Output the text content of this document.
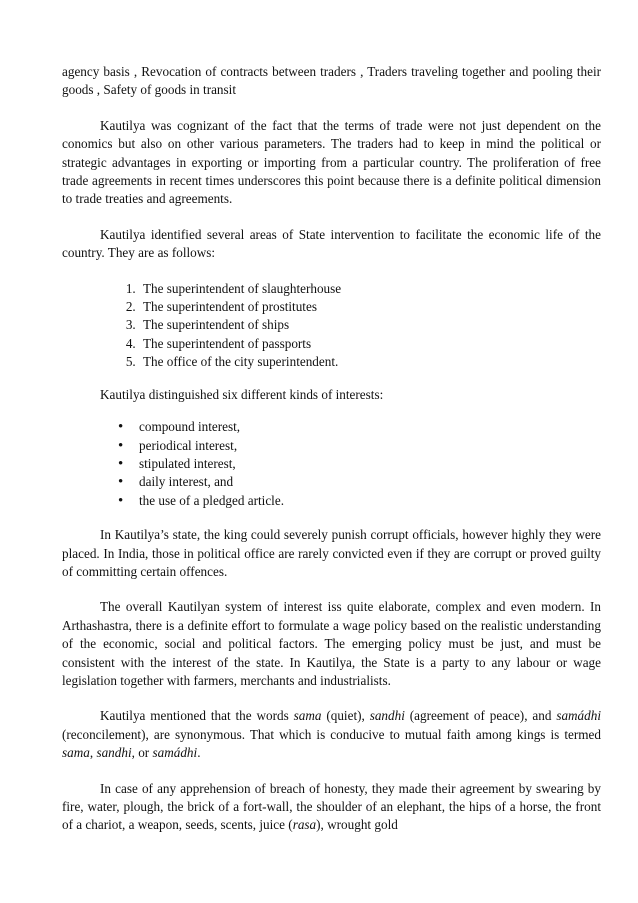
agency basis , Revocation of contracts between traders , Traders traveling together and pooling their goods , Safety of goods in transit

Kautilya was cognizant of the fact that the terms of trade were not just dependent on the conomics but also on other various parameters. The traders had to keep in mind the political or strategic advantages in exporting or importing from a particular country. The proliferation of free trade agreements in recent times underscores this point because there is a definite political dimension to trade treaties and agreements.

Kautilya identified several areas of State intervention to facilitate the economic life of the country. They are as follows:

1. The superintendent of slaughterhouse
2. The superintendent of prostitutes
3. The superintendent of ships
4. The superintendent of passports
5. The office of the city superintendent.

Kautilya distinguished six different kinds of interests:

• compound interest,
• periodical interest,
• stipulated interest,
• daily interest, and
• the use of a pledged article.

In Kautilya’s state, the king could severely punish corrupt officials, however highly they were placed. In India, those in political office are rarely convicted even if they are corrupt or proved guilty of committing certain offences.

The overall Kautilyan system of interest iss quite elaborate, complex and even modern. In Arthashastra, there is a definite effort to formulate a wage policy based on the realistic understanding of the economic, social and political factors. The emerging policy must be just, and must be consistent with the interest of the state. In Kautilya, the State is a party to any labour or wage legislation together with farmers, merchants and industrialists.

Kautilya mentioned that the words sama (quiet), sandhi (agreement of peace), and samádhi (reconcilement), are synonymous. That which is conducive to mutual faith among kings is termed sama, sandhi, or samádhi.

In case of any apprehension of breach of honesty, they made their agreement by swearing by fire, water, plough, the brick of a fort-wall, the shoulder of an elephant, the hips of a horse, the front of a chariot, a weapon, seeds, scents, juice (rasa), wrought gold
